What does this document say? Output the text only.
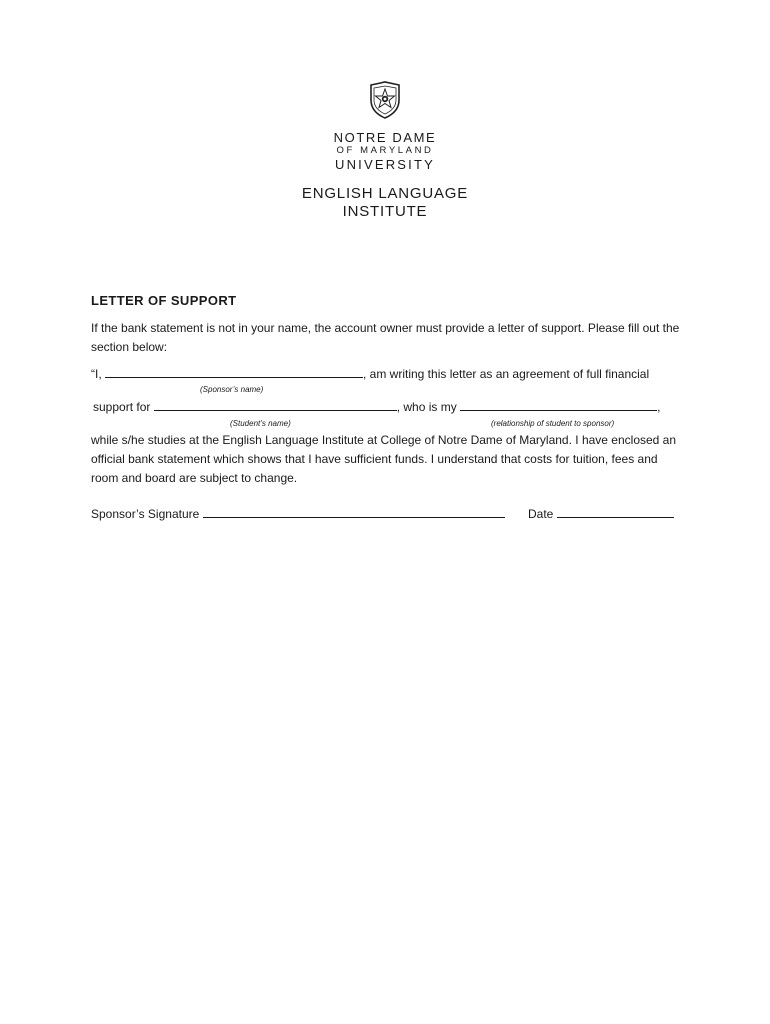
NOTRE DAME
OF MARYLAND
UNIVERSITY
ENGLISH LANGUAGE
INSTITUTE
LETTER OF SUPPORT
If the bank statement is not in your name, the account owner must provide a letter of support. Please fill out the section below:
“I,	, am writing this letter as an agreement of full financial
(Sponsor’s name)
support for	, who is my	,
(Student’s name)	(relationship of student to sponsor)
while s/he studies at the English Language Institute at College of Notre Dame of Maryland. I have enclosed an official bank statement which shows that I have sufficient funds. I understand that costs for tuition, fees and room and board are subject to change.
Sponsor’s Signature	Date
